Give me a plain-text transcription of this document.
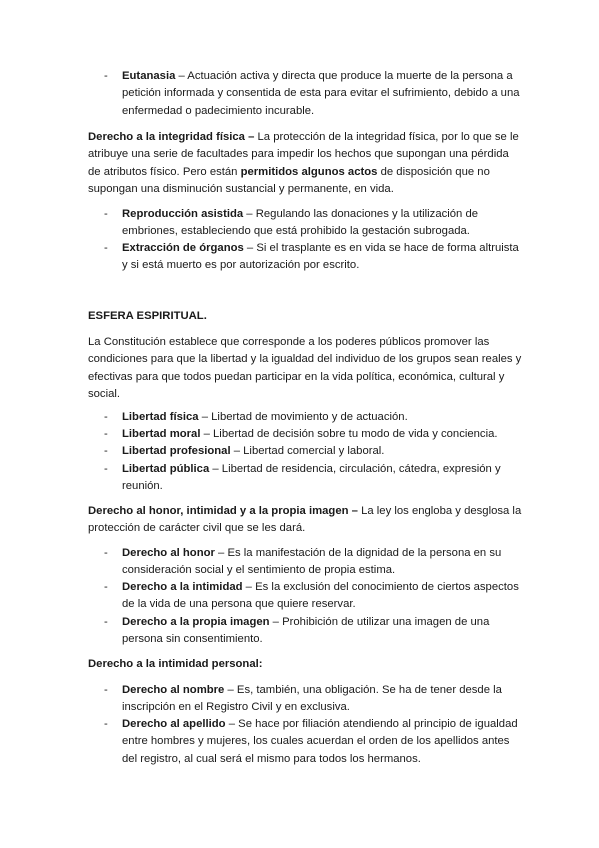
-	Eutanasia – Actuación activa y directa que produce la muerte de la persona a petición informada y consentida de esta para evitar el sufrimiento, debido a una enfermedad o padecimiento incurable.
Derecho a la integridad física – La protección de la integridad física, por lo que se le atribuye una serie de facultades para impedir los hechos que supongan una pérdida de atributos físico. Pero están permitidos algunos actos de disposición que no supongan una disminución sustancial y permanente, en vida.
-	Reproducción asistida – Regulando las donaciones y la utilización de embriones, estableciendo que está prohibido la gestación subrogada.
-	Extracción de órganos – Si el trasplante es en vida se hace de forma altruista y si está muerto es por autorización por escrito.
ESFERA ESPIRITUAL.
La Constitución establece que corresponde a los poderes públicos promover las condiciones para que la libertad y la igualdad del individuo de los grupos sean reales y efectivas para que todos puedan participar en la vida política, económica, cultural y social.
-	Libertad física – Libertad de movimiento y de actuación.
-	Libertad moral – Libertad de decisión sobre tu modo de vida y conciencia.
-	Libertad profesional – Libertad comercial y laboral.
-	Libertad pública – Libertad de residencia, circulación, cátedra, expresión y reunión.
Derecho al honor, intimidad y a la propia imagen – La ley los engloba y desglosa la protección de carácter civil que se les dará.
-	Derecho al honor – Es la manifestación de la dignidad de la persona en su consideración social y el sentimiento de propia estima.
-	Derecho a la intimidad – Es la exclusión del conocimiento de ciertos aspectos de la vida de una persona que quiere reservar.
-	Derecho a la propia imagen – Prohibición de utilizar una imagen de una persona sin consentimiento.
Derecho a la intimidad personal:
-	Derecho al nombre – Es, también, una obligación. Se ha de tener desde la inscripción en el Registro Civil y en exclusiva.
-	Derecho al apellido – Se hace por filiación atendiendo al principio de igualdad entre hombres y mujeres, los cuales acuerdan el orden de los apellidos antes del registro, al cual será el mismo para todos los hermanos.
